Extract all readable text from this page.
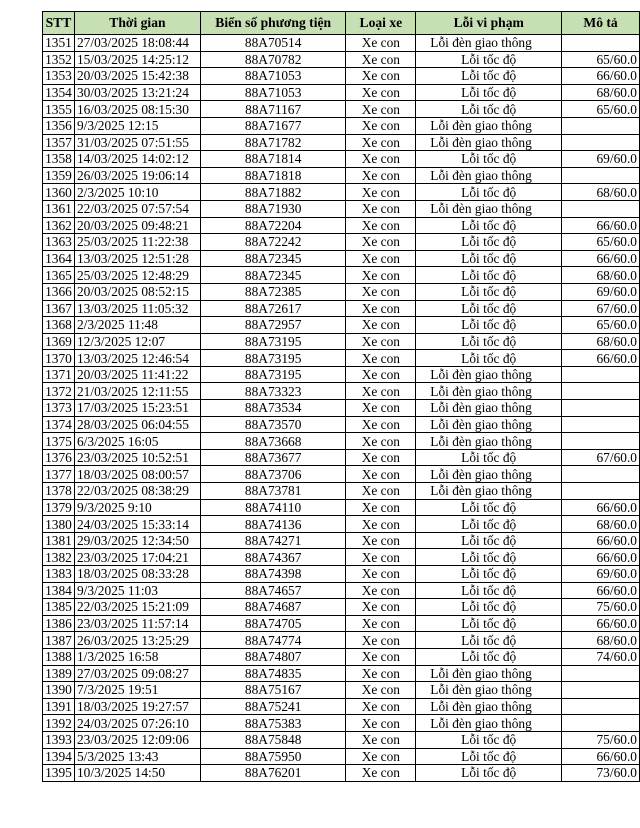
STT	Thời gian	Biển số phương tiện	Loại xe	Lỗi vi phạm	Mô tả
1351	27/03/2025 18:08:44	88A70514	Xe con	Lỗi đèn giao thông	
1352	15/03/2025 14:25:12	88A70782	Xe con	Lỗi tốc độ	65/60.0
1353	20/03/2025 15:42:38	88A71053	Xe con	Lỗi tốc độ	66/60.0
1354	30/03/2025 13:21:24	88A71053	Xe con	Lỗi tốc độ	68/60.0
1355	16/03/2025 08:15:30	88A71167	Xe con	Lỗi tốc độ	65/60.0
1356	9/3/2025 12:15	88A71677	Xe con	Lỗi đèn giao thông	
1357	31/03/2025 07:51:55	88A71782	Xe con	Lỗi đèn giao thông	
1358	14/03/2025 14:02:12	88A71814	Xe con	Lỗi tốc độ	69/60.0
1359	26/03/2025 19:06:14	88A71818	Xe con	Lỗi đèn giao thông	
1360	2/3/2025 10:10	88A71882	Xe con	Lỗi tốc độ	68/60.0
1361	22/03/2025 07:57:54	88A71930	Xe con	Lỗi đèn giao thông	
1362	20/03/2025 09:48:21	88A72204	Xe con	Lỗi tốc độ	66/60.0
1363	25/03/2025 11:22:38	88A72242	Xe con	Lỗi tốc độ	65/60.0
1364	13/03/2025 12:51:28	88A72345	Xe con	Lỗi tốc độ	66/60.0
1365	25/03/2025 12:48:29	88A72345	Xe con	Lỗi tốc độ	68/60.0
1366	20/03/2025 08:52:15	88A72385	Xe con	Lỗi tốc độ	69/60.0
1367	13/03/2025 11:05:32	88A72617	Xe con	Lỗi tốc độ	67/60.0
1368	2/3/2025 11:48	88A72957	Xe con	Lỗi tốc độ	65/60.0
1369	12/3/2025 12:07	88A73195	Xe con	Lỗi tốc độ	68/60.0
1370	13/03/2025 12:46:54	88A73195	Xe con	Lỗi tốc độ	66/60.0
1371	20/03/2025 11:41:22	88A73195	Xe con	Lỗi đèn giao thông	
1372	21/03/2025 12:11:55	88A73323	Xe con	Lỗi đèn giao thông	
1373	17/03/2025 15:23:51	88A73534	Xe con	Lỗi đèn giao thông	
1374	28/03/2025 06:04:55	88A73570	Xe con	Lỗi đèn giao thông	
1375	6/3/2025 16:05	88A73668	Xe con	Lỗi đèn giao thông	
1376	23/03/2025 10:52:51	88A73677	Xe con	Lỗi tốc độ	67/60.0
1377	18/03/2025 08:00:57	88A73706	Xe con	Lỗi đèn giao thông	
1378	22/03/2025 08:38:29	88A73781	Xe con	Lỗi đèn giao thông	
1379	9/3/2025 9:10	88A74110	Xe con	Lỗi tốc độ	66/60.0
1380	24/03/2025 15:33:14	88A74136	Xe con	Lỗi tốc độ	68/60.0
1381	29/03/2025 12:34:50	88A74271	Xe con	Lỗi tốc độ	66/60.0
1382	23/03/2025 17:04:21	88A74367	Xe con	Lỗi tốc độ	66/60.0
1383	18/03/2025 08:33:28	88A74398	Xe con	Lỗi tốc độ	69/60.0
1384	9/3/2025 11:03	88A74657	Xe con	Lỗi tốc độ	66/60.0
1385	22/03/2025 15:21:09	88A74687	Xe con	Lỗi tốc độ	75/60.0
1386	23/03/2025 11:57:14	88A74705	Xe con	Lỗi tốc độ	66/60.0
1387	26/03/2025 13:25:29	88A74774	Xe con	Lỗi tốc độ	68/60.0
1388	1/3/2025 16:58	88A74807	Xe con	Lỗi tốc độ	74/60.0
1389	27/03/2025 09:08:27	88A74835	Xe con	Lỗi đèn giao thông	
1390	7/3/2025 19:51	88A75167	Xe con	Lỗi đèn giao thông	
1391	18/03/2025 19:27:57	88A75241	Xe con	Lỗi đèn giao thông	
1392	24/03/2025 07:26:10	88A75383	Xe con	Lỗi đèn giao thông	
1393	23/03/2025 12:09:06	88A75848	Xe con	Lỗi tốc độ	75/60.0
1394	5/3/2025 13:43	88A75950	Xe con	Lỗi tốc độ	66/60.0
1395	10/3/2025 14:50	88A76201	Xe con	Lỗi tốc độ	73/60.0
